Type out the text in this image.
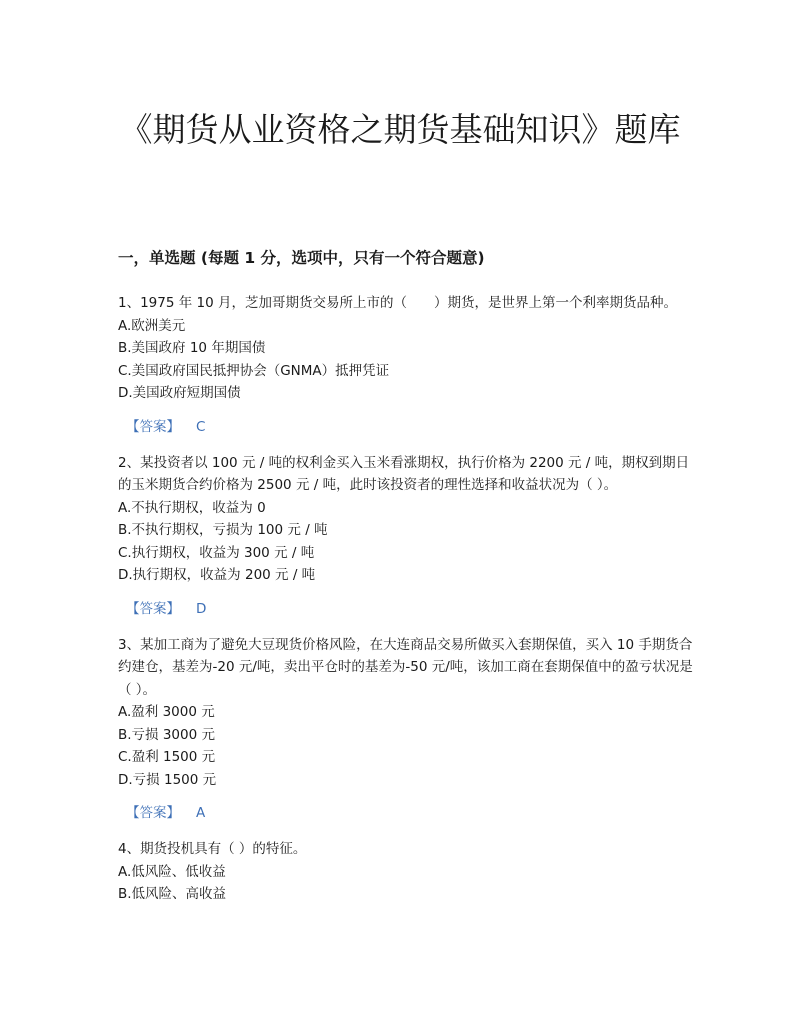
《期货从业资格之期货基础知识》题库
一，单选题 (每题 1 分，选项中，只有一个符合题意)

1、1975 年 10 月，芝加哥期货交易所上市的（　　）期货，是世界上第一个利率期货品种。

A.欧洲美元

B.美国政府 10 年期国债

C.美国政府国民抵押协会（GNMA）抵押凭证

D.美国政府短期国债

【答案】 C

2、某投资者以 100 元 / 吨的权利金买入玉米看涨期权，执行价格为 2200 元 / 吨，期权到期日的玉米期货合约价格为 2500 元 / 吨，此时该投资者的理性选择和收益状况为（ ）。

A.不执行期权，收益为 0

B.不执行期权，亏损为 100 元 / 吨

C.执行期权，收益为 300 元 / 吨

D.执行期权，收益为 200 元 / 吨

【答案】 D

3、某加工商为了避免大豆现货价格风险，在大连商品交易所做买入套期保值，买入 10 手期货合约建仓，基差为-20 元/吨，卖出平仓时的基差为-50 元/吨，该加工商在套期保值中的盈亏状况是（ ）。

A.盈利 3000 元

B.亏损 3000 元

C.盈利 1500 元

D.亏损 1500 元

【答案】 A

4、期货投机具有（ ）的特征。

A.低风险、低收益

B.低风险、高收益
